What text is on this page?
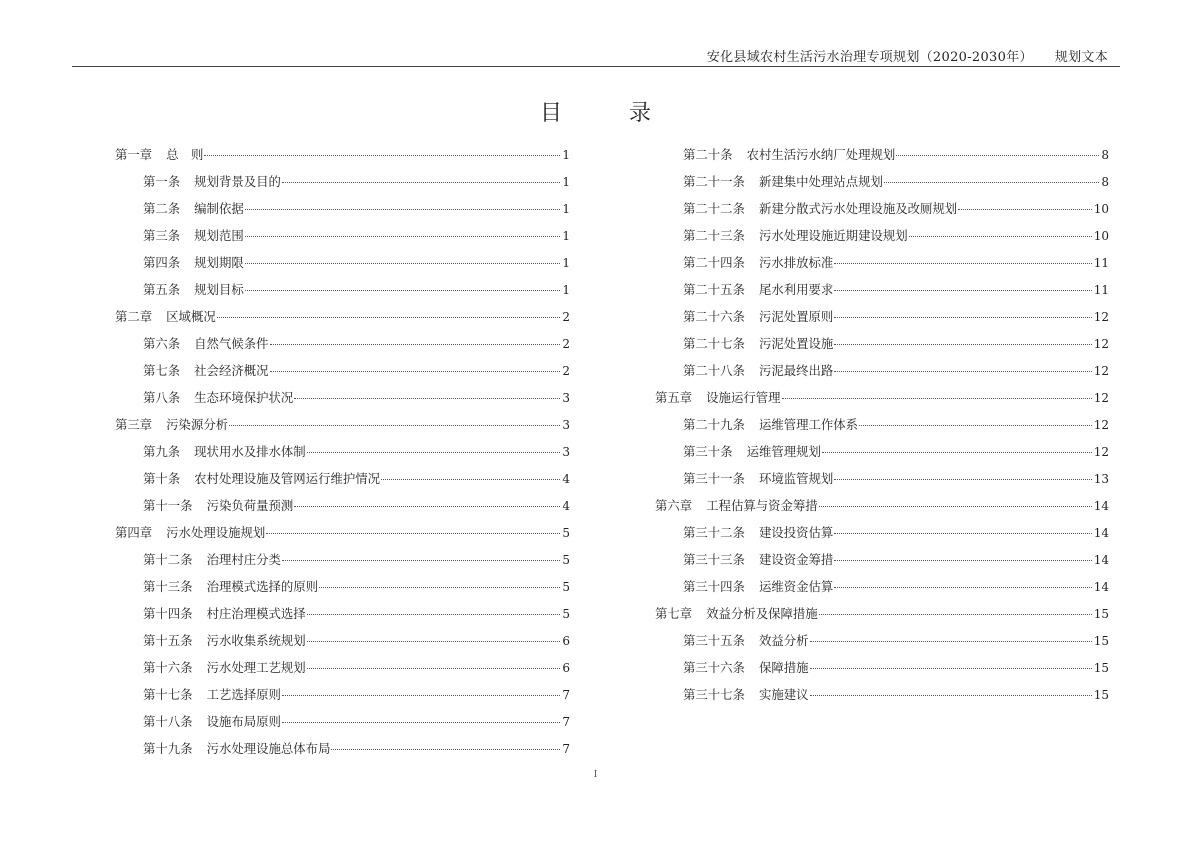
安化县域农村生活污水治理专项规划（2020-2030年） 规划文本
目 录
第一章	总　则	1
第一条	规划背景及目的	1
第二条	编制依据	1
第三条	规划范围	1
第四条	规划期限	1
第五条	规划目标	1
第二章	区域概况	2
第六条	自然气候条件	2
第七条	社会经济概况	2
第八条	生态环境保护状况	3
第三章	污染源分析	3
第九条	现状用水及排水体制	3
第十条	农村处理设施及管网运行维护情况	4
第十一条	污染负荷量预测	4
第四章	污水处理设施规划	5
第十二条	治理村庄分类	5
第十三条	治理模式选择的原则	5
第十四条	村庄治理模式选择	5
第十五条	污水收集系统规划	6
第十六条	污水处理工艺规划	6
第十七条	工艺选择原则	7
第十八条	设施布局原则	7
第十九条	污水处理设施总体布局	7
第二十条	农村生活污水纳厂处理规划	8
第二十一条	新建集中处理站点规划	8
第二十二条	新建分散式污水处理设施及改厕规划	10
第二十三条	污水处理设施近期建设规划	10
第二十四条	污水排放标准	11
第二十五条	尾水利用要求	11
第二十六条	污泥处置原则	12
第二十七条	污泥处置设施	12
第二十八条	污泥最终出路	12
第五章	设施运行管理	12
第二十九条	运维管理工作体系	12
第三十条	运维管理规划	12
第三十一条	环境监管规划	13
第六章	工程估算与资金筹措	14
第三十二条	建设投资估算	14
第三十三条	建设资金筹措	14
第三十四条	运维资金估算	14
第七章	效益分析及保障措施	15
第三十五条	效益分析	15
第三十六条	保障措施	15
第三十七条	实施建议	15
I
